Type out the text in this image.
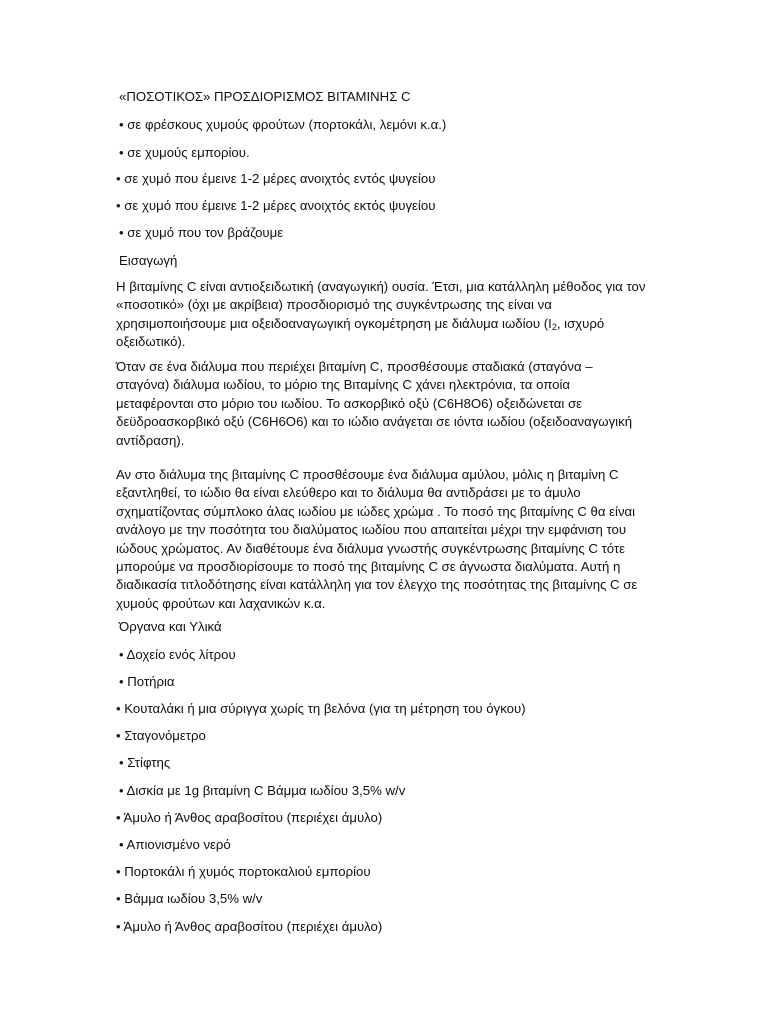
«ΠΟΣΟΤΙΚΟΣ» ΠΡΟΣΔΙΟΡΙΣΜΟΣ ΒΙΤΑΜΙΝΗΣ C
• σε φρέσκους χυμούς φρούτων (πορτοκάλι, λεμόνι κ.α.)
• σε χυμούς εμπορίου.
• σε χυμό που έμεινε 1-2 μέρες ανοιχτός εντός ψυγείου
• σε χυμό που έμεινε 1-2 μέρες ανοιχτός εκτός ψυγείου
• σε χυμό που τον βράζουμε
Εισαγωγή

Η βιταμίνης C είναι αντιοξειδωτική (αναγωγική) ουσία. Έτσι, μια κατάλληλη μέθοδος για τον «ποσοτικό» (όχι με ακρίβεια) προσδιορισμό της συγκέντρωσης της είναι να χρησιμοποιήσουμε μια οξειδοαναγωγική ογκομέτρηση με διάλυμα ιωδίου ($I_2$, ισχυρό οξειδωτικό).

Όταν σε ένα διάλυμα που περιέχει βιταμίνη C, προσθέσουμε σταδιακά (σταγόνα – σταγόνα) διάλυμα ιωδίου, το μόριο της Βιταμίνης C χάνει ηλεκτρόνια, τα οποία μεταφέρονται στο μόριο του ιωδίου. Το ασκορβικό οξύ (C6H8O6) οξειδώνεται σε δεϋδροασκορβικό οξύ (C6H6O6) και το ιώδιο ανάγεται σε ιόντα ιωδίου (οξειδοαναγωγική αντίδραση).

Αν στο διάλυμα της βιταμίνης C προσθέσουμε ένα διάλυμα αμύλου, μόλις η βιταμίνη C εξαντληθεί, το ιώδιο θα είναι ελεύθερο και το διάλυμα θα αντιδράσει με το άμυλο σχηματίζοντας σύμπλοκο άλας ιωδίου με ιώδες χρώμα . Το ποσό της βιταμίνης C θα είναι ανάλογο με την ποσότητα του διαλύματος ιωδίου που απαιτείται μέχρι την εμφάνιση του ιώδους χρώματος. Αν διαθέτουμε ένα διάλυμα γνωστής συγκέντρωσης βιταμίνης C τότε μπορούμε να προσδιορίσουμε το ποσό της βιταμίνης C σε άγνωστα διαλύματα. Αυτή η διαδικασία τιτλοδότησης είναι κατάλληλη για τον έλεγχο της ποσότητας της βιταμίνης C σε χυμούς φρούτων και λαχανικών κ.α.

Όργανα και Υλικά
• Δοχείο ενός λίτρου
• Ποτήρια
• Κουταλάκι ή μια σύριγγα χωρίς τη βελόνα (για τη μέτρηση του όγκου)
• Σταγονόμετρο
• Στίφτης
• Δισκία με 1g βιταμίνη C Βάμμα ιωδίου 3,5% w/v
• Άμυλο ή Άνθος αραβοσίτου (περιέχει άμυλο)
• Απιονισμένο νερό
• Πορτοκάλι ή χυμός πορτοκαλιού εμπορίου
• Βάμμα ιωδίου 3,5% w/v
• Άμυλο ή Άνθος αραβοσίτου (περιέχει άμυλο)
